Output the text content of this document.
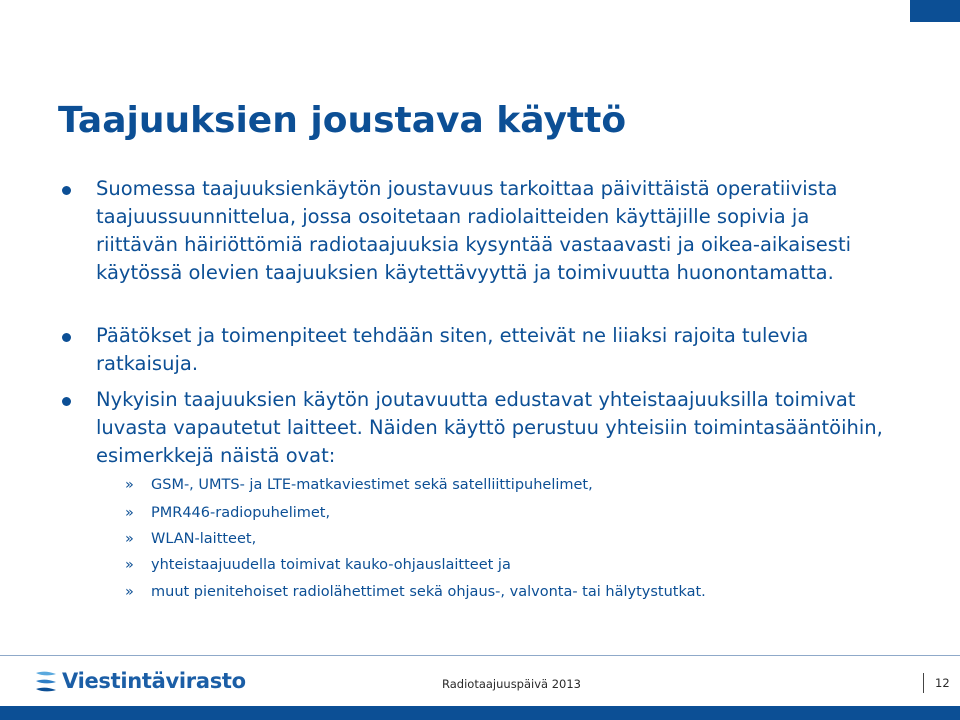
Taajuuksien joustava käyttö
Suomessa taajuuksienkäytön joustavuus tarkoittaa päivittäistä operatiivista taajuussuunnittelua, jossa osoitetaan radiolaitteiden käyttäjille sopivia ja riittävän häiriöttömiä radiotaajuuksia kysyntää vastaavasti ja oikea-aikaisesti käytössä olevien taajuuksien käytettävyyttä ja toimivuutta huonontamatta.
Päätökset ja toimenpiteet tehdään siten, etteivät ne liiaksi rajoita tulevia ratkaisuja.
Nykyisin taajuuksien käytön joutavuutta edustavat yhteistaajuuksilla toimivat luvasta vapautetut laitteet. Näiden käyttö perustuu yhteisiin toimintasääntöihin, esimerkkejä näistä ovat:
» GSM-, UMTS- ja LTE-matkaviestimet sekä satelliittipuhelimet,
» PMR446-radiopuhelimet,
» WLAN-laitteet,
» yhteistaajuudella toimivat kauko-ohjauslaitteet ja
» muut pienitehoiset radiolähettimet sekä ohjaus-, valvonta- tai hälytystutkat.
Viestintävirasto	Radiotaajuuspäivä 2013	12
